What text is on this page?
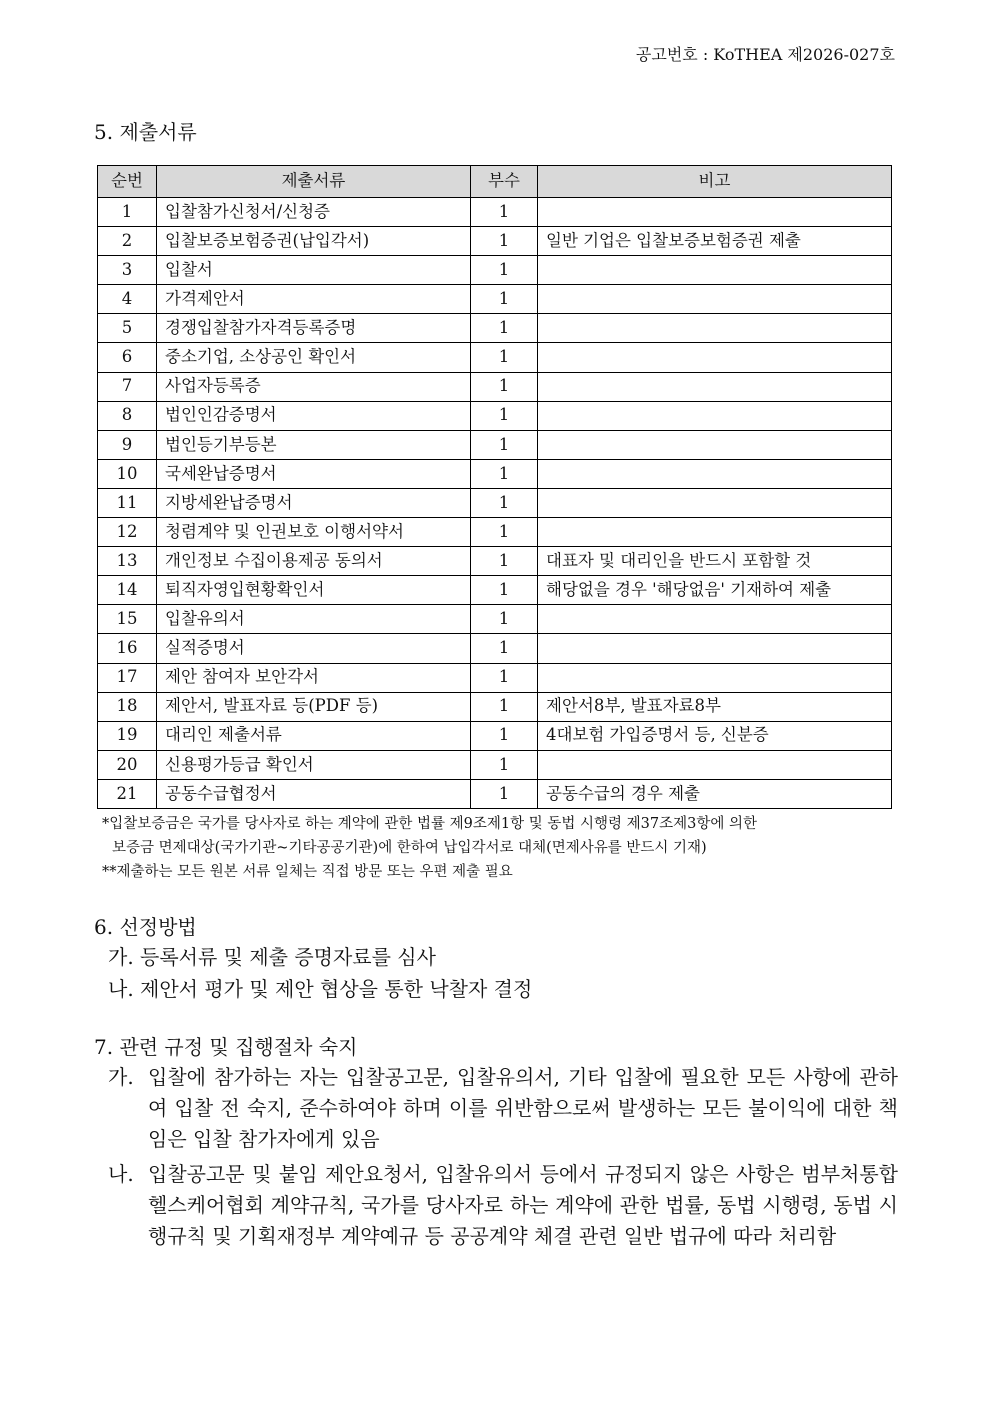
공고번호 : KoTHEA 제2026-027호
5. 제출서류
순번	제출서류	부수	비고
1	입찰참가신청서/신청증	1	
2	입찰보증보험증권(납입각서)	1	일반 기업은 입찰보증보험증권 제출
3	입찰서	1	
4	가격제안서	1	
5	경쟁입찰참가자격등록증명	1	
6	중소기업, 소상공인 확인서	1	
7	사업자등록증	1	
8	법인인감증명서	1	
9	법인등기부등본	1	
10	국세완납증명서	1	
11	지방세완납증명서	1	
12	청렴계약 및 인권보호 이행서약서	1	
13	개인정보 수집이용제공 동의서	1	대표자 및 대리인을 반드시 포함할 것
14	퇴직자영입현황확인서	1	해당없을 경우 '해당없음' 기재하여 제출
15	입찰유의서	1	
16	실적증명서	1	
17	제안 참여자 보안각서	1	
18	제안서, 발표자료 등(PDF 등)	1	제안서8부, 발표자료8부
19	대리인 제출서류	1	4대보험 가입증명서 등, 신분증
20	신용평가등급 확인서	1	
21	공동수급협정서	1	공동수급의 경우 제출
*입찰보증금은 국가를 당사자로 하는 계약에 관한 법률 제9조제1항 및 동법 시행령 제37조제3항에 의한
보증금 면제대상(국가기관~기타공공기관)에 한하여 납입각서로 대체(면제사유를 반드시 기재)
**제출하는 모든 원본 서류 일체는 직접 방문 또는 우편 제출 필요
6. 선정방법
가. 등록서류 및 제출 증명자료를 심사
나. 제안서 평가 및 제안 협상을 통한 낙찰자 결정
7. 관련 규정 및 집행절차 숙지
가. 입찰에 참가하는 자는 입찰공고문, 입찰유의서, 기타 입찰에 필요한 모든 사항에 관하여 입찰 전 숙지, 준수하여야 하며 이를 위반함으로써 발생하는 모든 불이익에 대한 책임은 입찰 참가자에게 있음
나. 입찰공고문 및 붙임 제안요청서, 입찰유의서 등에서 규정되지 않은 사항은 범부처통합헬스케어협회 계약규칙, 국가를 당사자로 하는 계약에 관한 법률, 동법 시행령, 동법 시행규칙 및 기획재정부 계약예규 등 공공계약 체결 관련 일반 법규에 따라 처리함
